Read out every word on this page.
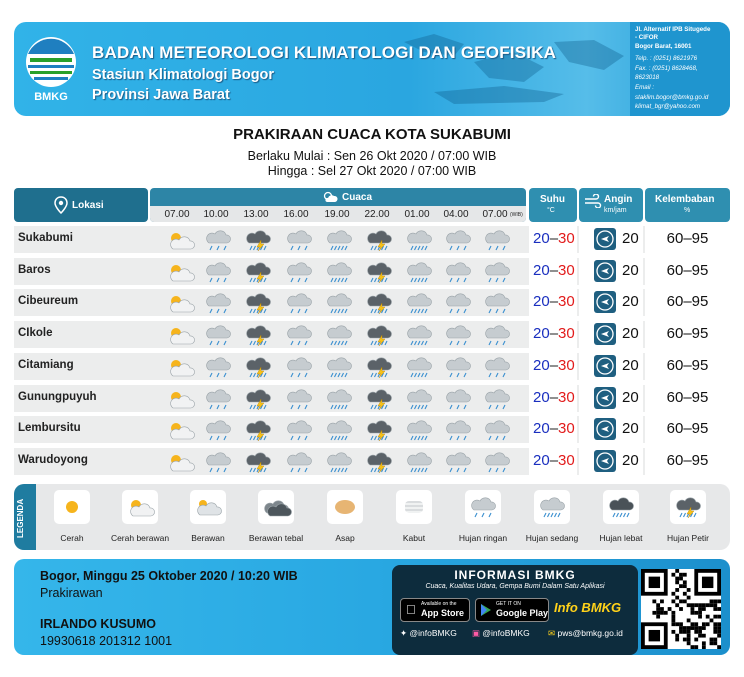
BMKG
BADAN METEOROLOGI KLIMATOLOGI DAN GEOFISIKA
Stasiun Klimatologi Bogor
Provinsi Jawa Barat
Jl. Alternatif IPB Situgede
- CIFOR
Bogor Barat, 16001
Telp. : (0251) 8621976
Fax. : (0251) 8628468,
8623018
Email :
staklim.bogor@bmkg.go.id
klimat_bgr@yahoo.com
PRAKIRAAN CUACA KOTA SUKABUMI
Berlaku Mulai : Sen 26 Okt 2020 / 07:00 WIB
Hingga : Sel 27 Okt 2020 / 07:00 WIB
Lokasi
Cuaca
07.00	10.00	13.00	16.00	19.00	22.00	01.00	04.00	07.00 (WIB)
Suhu
°C
Angin
km/jam
Kelembaban
%
Sukabumi	20–30	20	60–95
Baros	20–30	20	60–95
Cibeureum	20–30	20	60–95
CIkole	20–30	20	60–95
Citamiang	20–30	20	60–95
Gunungpuyuh	20–30	20	60–95
Lembursitu	20–30	20	60–95
Warudoyong	20–30	20	60–95
LEGENDA	Cerah	Cerah berawan	Berawan	Berawan tebal	Asap	Kabut	Hujan ringan	Hujan sedang	Hujan lebat	Hujan Petir
Bogor, Minggu 25 Oktober 2020 / 10:20 WIB
Prakirawan
IRLANDO KUSUMO
19930618 201312 1001
INFORMASI BMKG
Cuaca, Kualitas Udara, Gempa Bumi Dalam Satu Aplikasi
Available on the
App Store
GET IT ON
Google Play Info BMKG
✦ @infoBMKG ▣ @infoBMKG ✉ pws@bmkg.go.id
